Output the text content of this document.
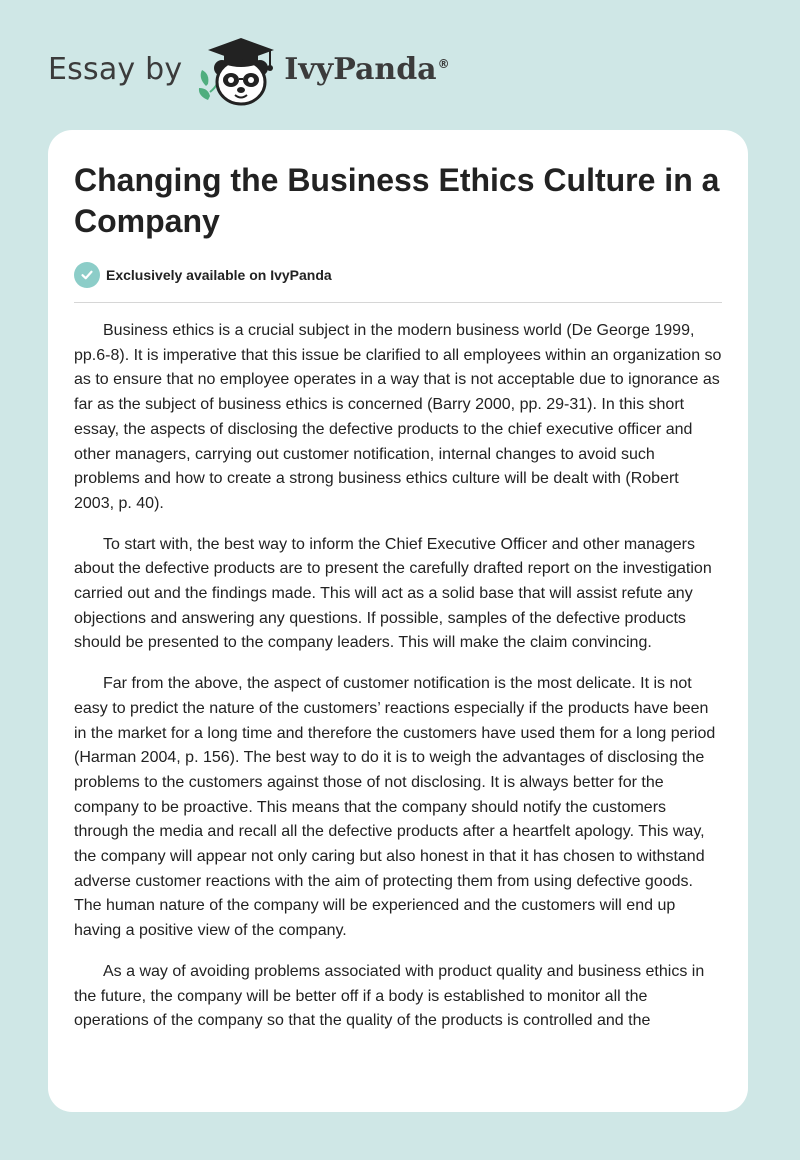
Essay by	IvyPanda®
Changing the Business Ethics Culture in a Company
Exclusively available on IvyPanda

Business ethics is a crucial subject in the modern business world (De George 1999, pp.6-8). It is imperative that this issue be clarified to all employees within an organization so as to ensure that no employee operates in a way that is not acceptable due to ignorance as far as the subject of business ethics is concerned (Barry 2000, pp. 29-31). In this short essay, the aspects of disclosing the defective products to the chief executive officer and other managers, carrying out customer notification, internal changes to avoid such problems and how to create a strong business ethics culture will be dealt with (Robert 2003, p. 40).

To start with, the best way to inform the Chief Executive Officer and other managers about the defective products are to present the carefully drafted report on the investigation carried out and the findings made. This will act as a solid base that will assist refute any objections and answering any questions. If possible, samples of the defective products should be presented to the company leaders. This will make the claim convincing.

Far from the above, the aspect of customer notification is the most delicate. It is not easy to predict the nature of the customers’ reactions especially if the products have been in the market for a long time and therefore the customers have used them for a long period (Harman 2004, p. 156). The best way to do it is to weigh the advantages of disclosing the problems to the customers against those of not disclosing. It is always better for the company to be proactive. This means that the company should notify the customers through the media and recall all the defective products after a heartfelt apology. This way, the company will appear not only caring but also honest in that it has chosen to withstand adverse customer reactions with the aim of protecting them from using defective goods. The human nature of the company will be experienced and the customers will end up having a positive view of the company.

As a way of avoiding problems associated with product quality and business ethics in the future, the company will be better off if a body is established to monitor all the operations of the company so that the quality of the products is controlled and the
